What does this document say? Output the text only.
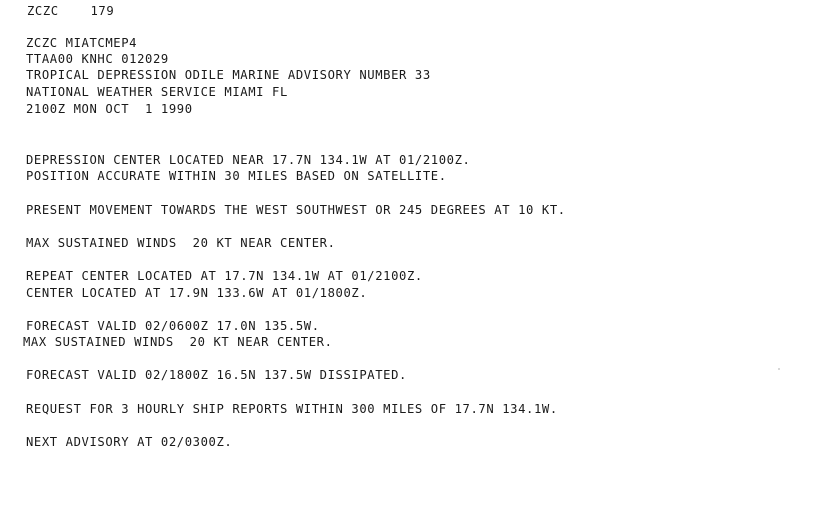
ZCZC    179

ZCZC MIATCMEP4

TTAA00 KNHC 012029

TROPICAL DEPRESSION ODILE MARINE ADVISORY NUMBER 33

NATIONAL WEATHER SERVICE MIAMI FL

2100Z MON OCT  1 1990

DEPRESSION CENTER LOCATED NEAR 17.7N 134.1W AT 01/2100Z.

POSITION ACCURATE WITHIN 30 MILES BASED ON SATELLITE.

PRESENT MOVEMENT TOWARDS THE WEST SOUTHWEST OR 245 DEGREES AT 10 KT.

MAX SUSTAINED WINDS  20 KT NEAR CENTER.

REPEAT CENTER LOCATED AT 17.7N 134.1W AT 01/2100Z.

CENTER LOCATED AT 17.9N 133.6W AT 01/1800Z.

FORECAST VALID 02/0600Z 17.0N 135.5W.

MAX SUSTAINED WINDS  20 KT NEAR CENTER.

FORECAST VALID 02/1800Z 16.5N 137.5W DISSIPATED.

REQUEST FOR 3 HOURLY SHIP REPORTS WITHIN 300 MILES OF 17.7N 134.1W.

NEXT ADVISORY AT 02/0300Z.
